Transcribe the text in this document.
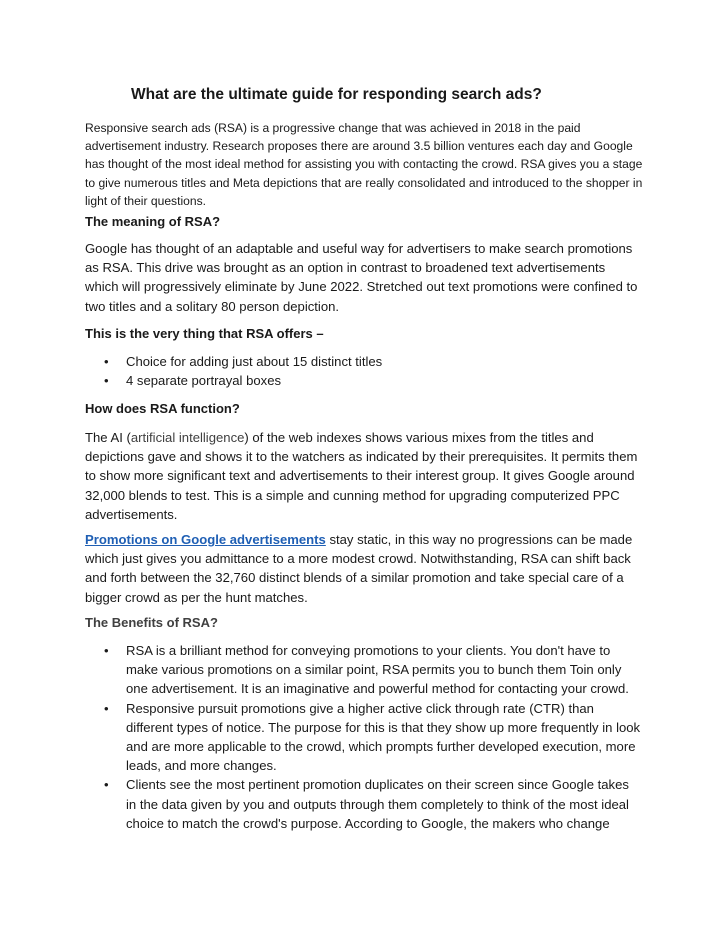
What are the ultimate guide for responding search ads?
Responsive search ads (RSA) is a progressive change that was achieved in 2018 in the paid advertisement industry. Research proposes there are around 3.5 billion ventures each day and Google has thought of the most ideal method for assisting you with contacting the crowd. RSA gives you a stage to give numerous titles and Meta depictions that are really consolidated and introduced to the shopper in light of their questions.
The meaning of RSA?
Google has thought of an adaptable and useful way for advertisers to make search promotions as RSA. This drive was brought as an option in contrast to broadened text advertisements which will progressively eliminate by June 2022. Stretched out text promotions were confined to two titles and a solitary 80 person depiction.
This is the very thing that RSA offers –
• Choice for adding just about 15 distinct titles
• 4 separate portrayal boxes
How does RSA function?
The AI (artificial intelligence) of the web indexes shows various mixes from the titles and depictions gave and shows it to the watchers as indicated by their prerequisites. It permits them to show more significant text and advertisements to their interest group. It gives Google around 32,000 blends to test. This is a simple and cunning method for upgrading computerized PPC advertisements.
Promotions on Google advertisements stay static, in this way no progressions can be made which just gives you admittance to a more modest crowd. Notwithstanding, RSA can shift back and forth between the 32,760 distinct blends of a similar promotion and take special care of a bigger crowd as per the hunt matches.
The Benefits of RSA?
• RSA is a brilliant method for conveying promotions to your clients. You don't have to make various promotions on a similar point, RSA permits you to bunch them Toin only one advertisement. It is an imaginative and powerful method for contacting your crowd.
• Responsive pursuit promotions give a higher active click through rate (CTR) than different types of notice. The purpose for this is that they show up more frequently in look and are more applicable to the crowd, which prompts further developed execution, more leads, and more changes.
• Clients see the most pertinent promotion duplicates on their screen since Google takes in the data given by you and outputs through them completely to think of the most ideal choice to match the crowd's purpose. According to Google, the makers who change
